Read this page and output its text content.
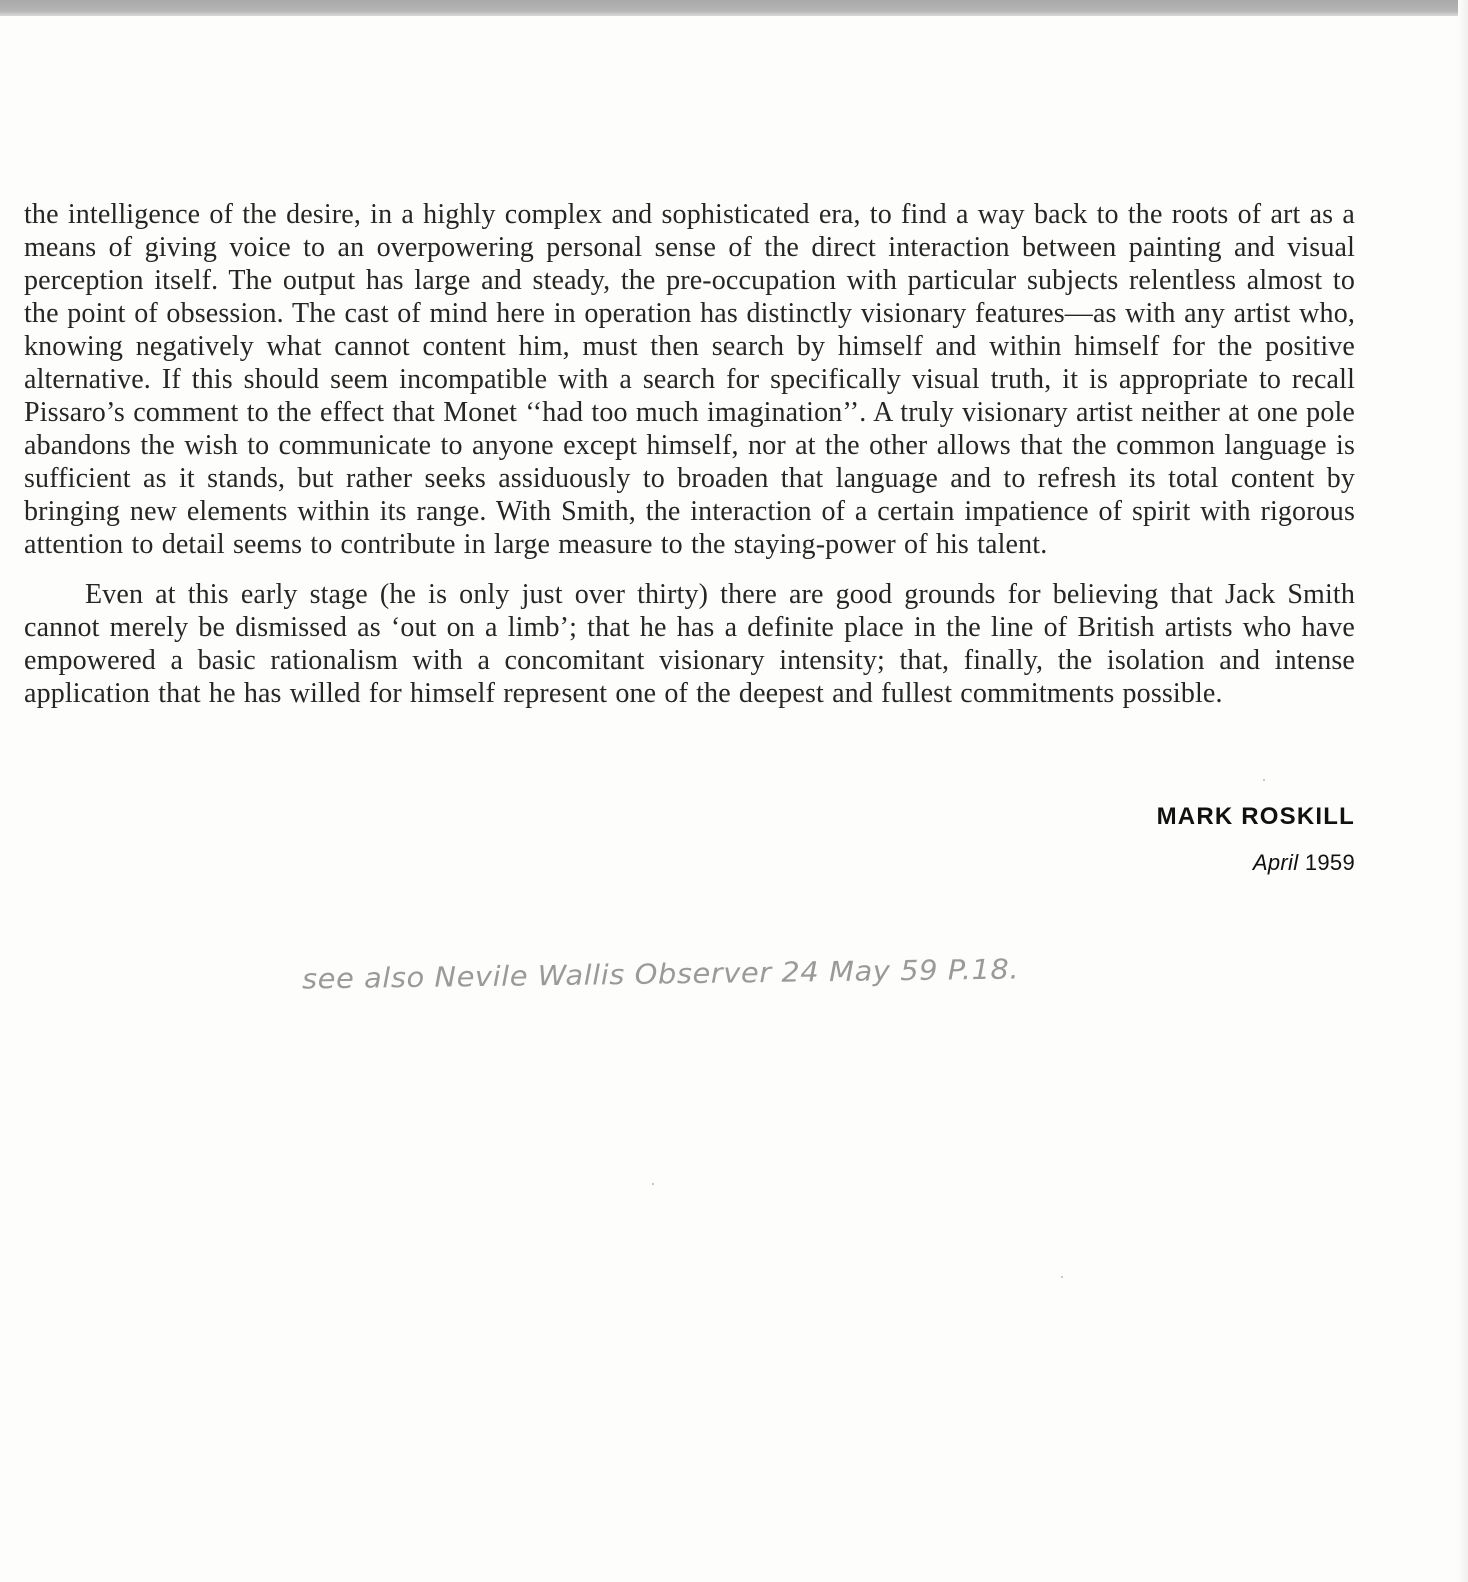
the intelligence of the desire, in a highly complex and sophisticated era, to find a way back to the roots of art as a means of giving voice to an overpowering personal sense of the direct interaction between painting and visual perception itself. The output has large and steady, the pre-occupation with particular subjects relentless almost to the point of obsession. The cast of mind here in operation has distinctly visionary features—as with any artist who, knowing negatively what cannot content him, must then search by himself and within himself for the positive alternative. If this should seem incompatible with a search for specifically visual truth, it is appropriate to recall Pissaro’s comment to the effect that Monet ‘‘had too much imagination’’. A truly visionary artist neither at one pole abandons the wish to communicate to anyone except himself, nor at the other allows that the common language is sufficient as it stands, but rather seeks assiduously to broaden that language and to refresh its total content by bringing new elements within its range. With Smith, the interaction of a certain impatience of spirit with rigorous attention to detail seems to contribute in large measure to the staying-power of his talent.

Even at this early stage (he is only just over thirty) there are good grounds for believing that Jack Smith cannot merely be dismissed as ‘out on a limb’; that he has a definite place in the line of British artists who have empowered a basic rationalism with a concomitant visionary intensity; that, finally, the isolation and intense application that he has willed for himself represent one of the deepest and fullest commitments possible.

MARK ROSKILL
April 1959
see also Nevile Wallis Observer 24 May 59 P.18.
